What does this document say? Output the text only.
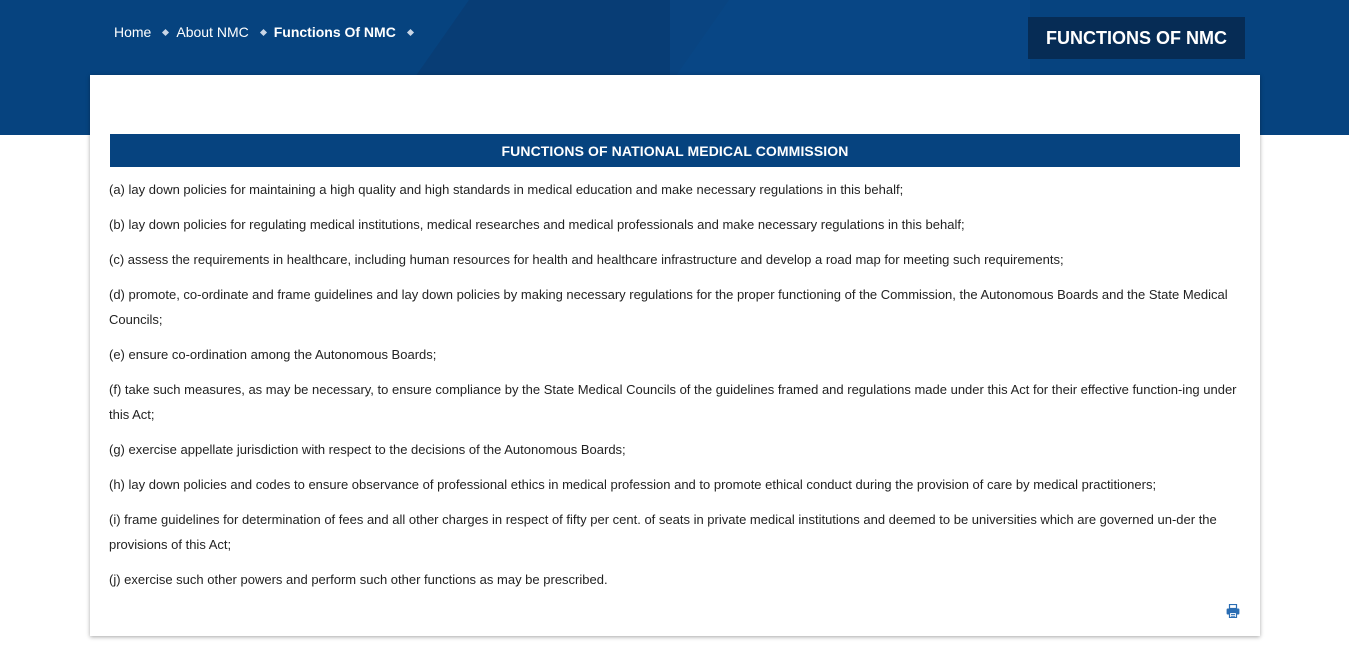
Home About NMC Functions Of NMC	FUNCTIONS OF NMC
FUNCTIONS OF NATIONAL MEDICAL COMMISSION
(a) lay down policies for maintaining a high quality and high standards in medical education and make necessary regulations in this behalf;
(b) lay down policies for regulating medical institutions, medical researches and medical professionals and make necessary regulations in this behalf;
(c) assess the requirements in healthcare, including human resources for health and healthcare infrastructure and develop a road map for meeting such requirements;
(d) promote, co-ordinate and frame guidelines and lay down policies by making necessary regulations for the proper functioning of the Commission, the Autonomous Boards and the State Medical Councils;
(e) ensure co-ordination among the Autonomous Boards;
(f) take such measures, as may be necessary, to ensure compliance by the State Medical Councils of the guidelines framed and regulations made under this Act for their effective function-ing under this Act;
(g) exercise appellate jurisdiction with respect to the decisions of the Autonomous Boards;
(h) lay down policies and codes to ensure observance of professional ethics in medical profession and to promote ethical conduct during the provision of care by medical practitioners;
(i) frame guidelines for determination of fees and all other charges in respect of fifty per cent. of seats in private medical institutions and deemed to be universities which are governed un-der the provisions of this Act;
(j) exercise such other powers and perform such other functions as may be prescribed.
